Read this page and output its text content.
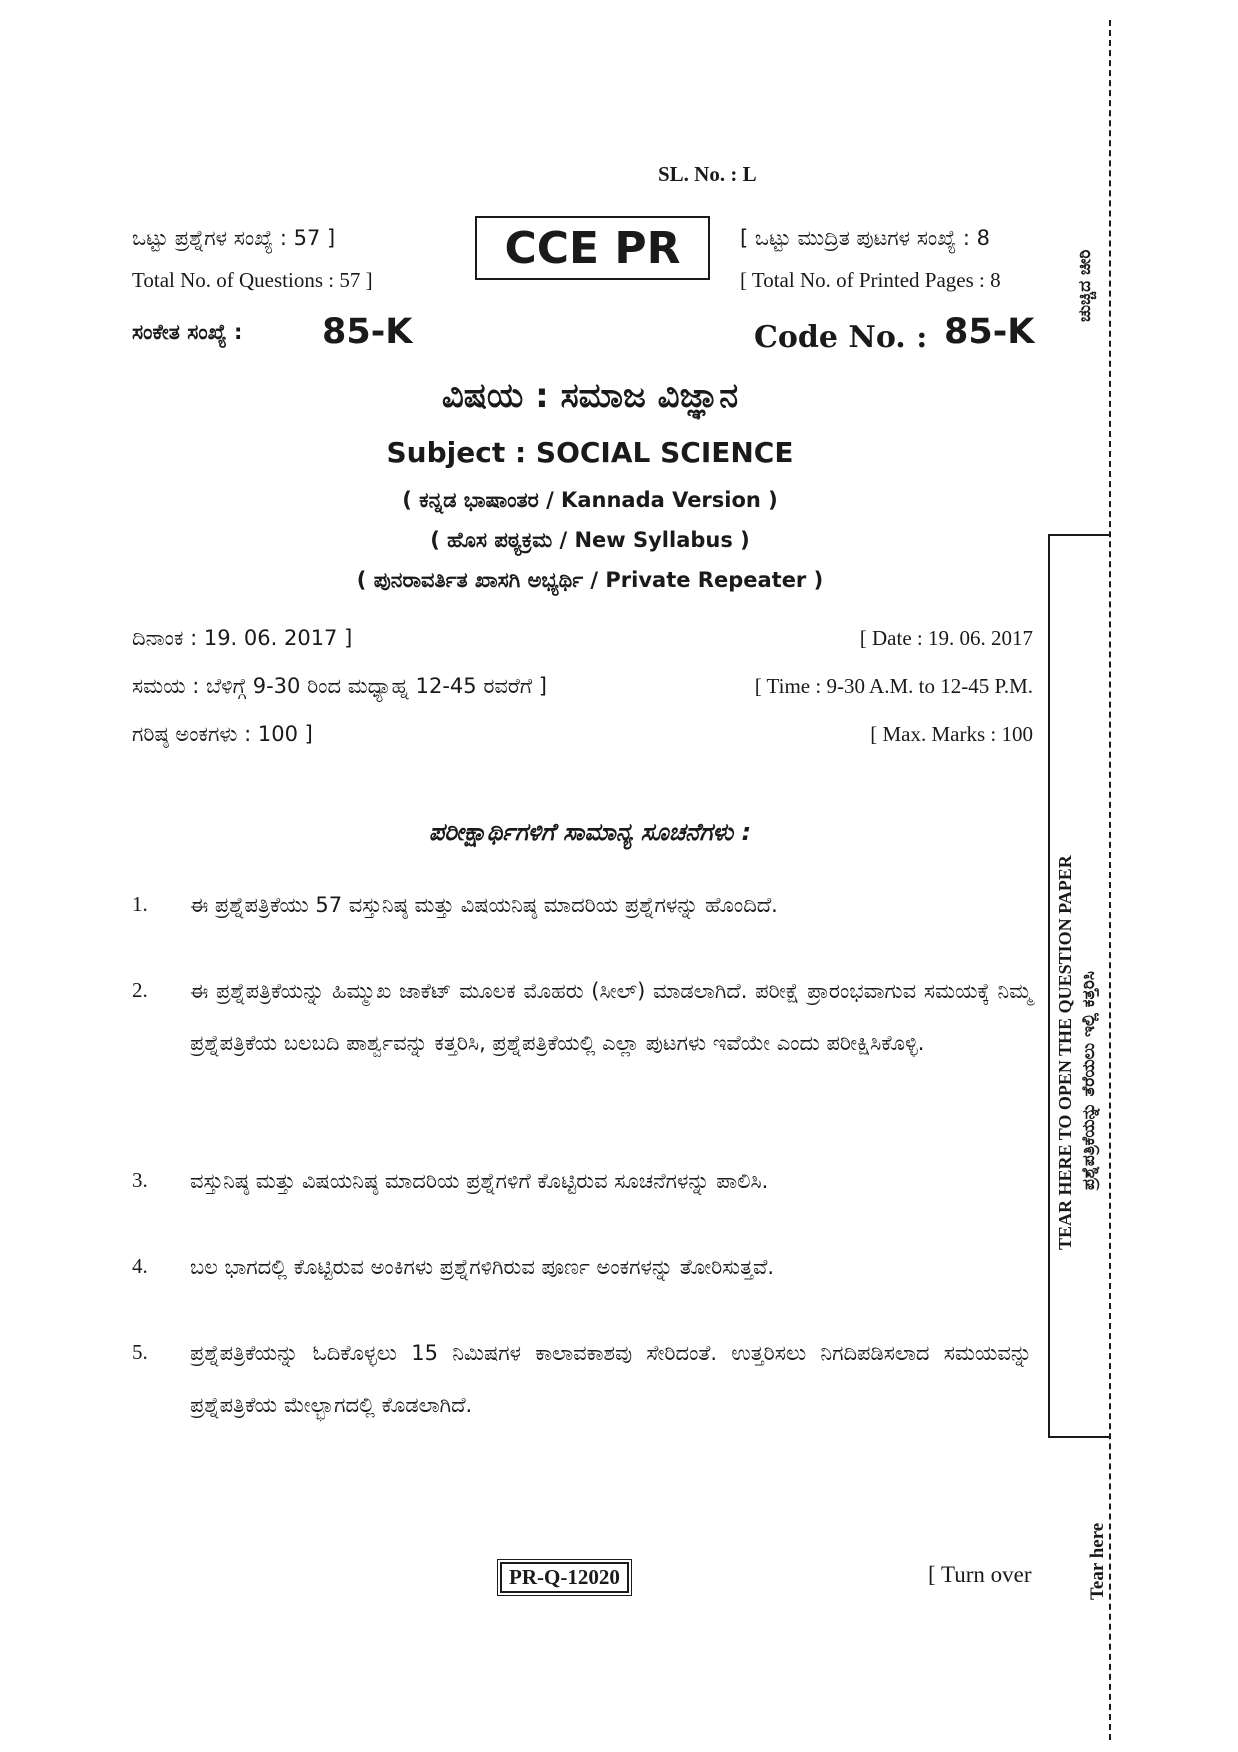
SL. No. : L
ಒಟ್ಟು ಪ್ರಶ್ನೆಗಳ ಸಂಖ್ಯೆ : 57 ]
Total No. of Questions : 57 ]
CCE PR	[ ಒಟ್ಟು ಮುದ್ರಿತ ಪುಟಗಳ ಸಂಖ್ಯೆ : 8
[ Total No. of Printed Pages : 8
ಸಂಕೇತ ಸಂಖ್ಯೆ : 85-K	Code No. : 85-K
ವಿಷಯ : ಸಮಾಜ ವಿಜ್ಞಾನ
Subject : SOCIAL SCIENCE
( ಕನ್ನಡ ಭಾಷಾಂತರ / Kannada Version )
( ಹೊಸ ಪಠ್ಯಕ್ರಮ / New Syllabus )
( ಪುನರಾವರ್ತಿತ ಖಾಸಗಿ ಅಭ್ಯರ್ಥಿ / Private Repeater )
ದಿನಾಂಕ : 19. 06. 2017 ]	[ Date : 19. 06. 2017
ಸಮಯ : ಬೆಳಿಗ್ಗೆ 9-30 ರಿಂದ ಮಧ್ಯಾಹ್ನ 12-45 ರವರೆಗೆ ]	[ Time : 9-30 A.M. to 12-45 P.M.
ಗರಿಷ್ಠ ಅಂಕಗಳು : 100 ]	[ Max. Marks : 100
ಪರೀಕ್ಷಾರ್ಥಿಗಳಿಗೆ ಸಾಮಾನ್ಯ ಸೂಚನೆಗಳು :
1. ಈ ಪ್ರಶ್ನೆಪತ್ರಿಕೆಯು 57 ವಸ್ತುನಿಷ್ಠ ಮತ್ತು ವಿಷಯನಿಷ್ಠ ಮಾದರಿಯ ಪ್ರಶ್ನೆಗಳನ್ನು ಹೊಂದಿದೆ.
2. ಈ ಪ್ರಶ್ನೆಪತ್ರಿಕೆಯನ್ನು ಹಿಮ್ಮುಖ ಜಾಕೆಟ್ ಮೂಲಕ ಮೊಹರು (ಸೀಲ್) ಮಾಡಲಾಗಿದೆ. ಪರೀಕ್ಷೆ ಪ್ರಾರಂಭವಾಗುವ ಸಮಯಕ್ಕೆ ನಿಮ್ಮ ಪ್ರಶ್ನೆಪತ್ರಿಕೆಯ ಬಲಬದಿ ಪಾರ್ಶ್ವವನ್ನು ಕತ್ತರಿಸಿ, ಪ್ರಶ್ನೆಪತ್ರಿಕೆಯಲ್ಲಿ ಎಲ್ಲಾ ಪುಟಗಳು ಇವೆಯೇ ಎಂದು ಪರೀಕ್ಷಿಸಿಕೊಳ್ಳಿ.
3. ವಸ್ತುನಿಷ್ಠ ಮತ್ತು ವಿಷಯನಿಷ್ಠ ಮಾದರಿಯ ಪ್ರಶ್ನೆಗಳಿಗೆ ಕೊಟ್ಟಿರುವ ಸೂಚನೆಗಳನ್ನು ಪಾಲಿಸಿ.
4. ಬಲ ಭಾಗದಲ್ಲಿ ಕೊಟ್ಟಿರುವ ಅಂಕಿಗಳು ಪ್ರಶ್ನೆಗಳಿಗಿರುವ ಪೂರ್ಣ ಅಂಕಗಳನ್ನು ತೋರಿಸುತ್ತವೆ.
5. ಪ್ರಶ್ನೆಪತ್ರಿಕೆಯನ್ನು ಓದಿಕೊಳ್ಳಲು 15 ನಿಮಿಷಗಳ ಕಾಲಾವಕಾಶವು ಸೇರಿದಂತೆ. ಉತ್ತರಿಸಲು ನಿಗದಿಪಡಿಸಲಾದ ಸಮಯವನ್ನು ಪ್ರಶ್ನೆಪತ್ರಿಕೆಯ ಮೇಲ್ಭಾಗದಲ್ಲಿ ಕೊಡಲಾಗಿದೆ.
PR-Q-12020	[ Turn over
ಚುಚ್ಚಿದ ಚೀರಿ
TEAR HERE TO OPEN THE QUESTION PAPER ಪ್ರಶ್ನೆಪತ್ರಿಕೆಯನ್ನು ತೆರೆಯಲು ಇಲ್ಲಿ ಕತ್ತರಿಸಿ
Tear here
